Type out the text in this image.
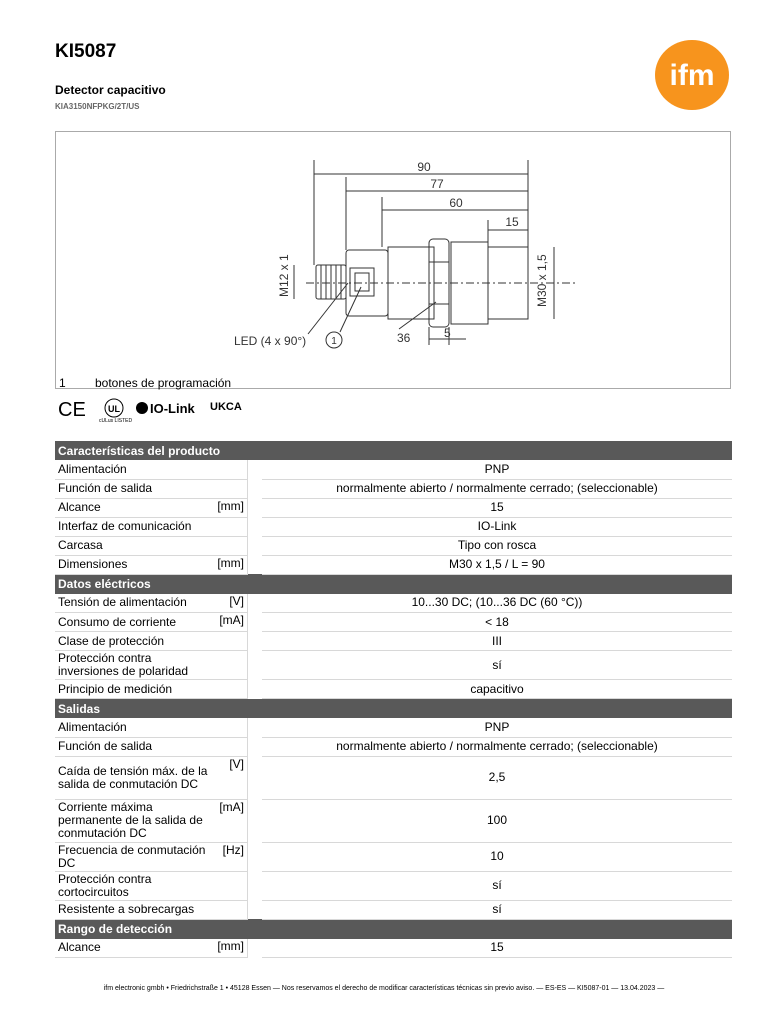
KI5087
Detector capacitivo
KIA3150NFPKG/2T/US
ifm
90
77
60
15
M12 x 1	M30 x 1,5
LED (4 x 90°)	1	36	5
1 botones de programación
CE UL
cULus LISTED
IO-Link UKCA
Características del producto			
Alimentación			PNP
Función de salida			normalmente abierto / normalmente cerrado; (seleccionable)
Alcance	[mm]		15
Interfaz de comunicación			IO-Link
Carcasa			Tipo con rosca
Dimensiones	[mm]		M30 x 1,5 / L = 90
Datos eléctricos			
Tensión de alimentación	[V]		10...30 DC; (10...36 DC (60 °C))
Consumo de corriente	[mA]		< 18
Clase de protección			III
Protección contra inversiones de polaridad			sí
Principio de medición			capacitivo
Salidas			
Alimentación			PNP
Función de salida			normalmente abierto / normalmente cerrado; (seleccionable)
Caída de tensión máx. de la salida de conmutación DC	[V]		2,5
Corriente máxima permanente de la salida de conmutación DC	[mA]		100
Frecuencia de conmutación DC	[Hz]		10
Protección contra cortocircuitos			sí
Resistente a sobrecargas			sí
Rango de detección			
Alcance	[mm]		15
ifm electronic gmbh • Friedrichstraße 1 • 45128 Essen — Nos reservamos el derecho de modificar características técnicas sin previo aviso. — ES-ES — KI5087-01 — 13.04.2023 —
